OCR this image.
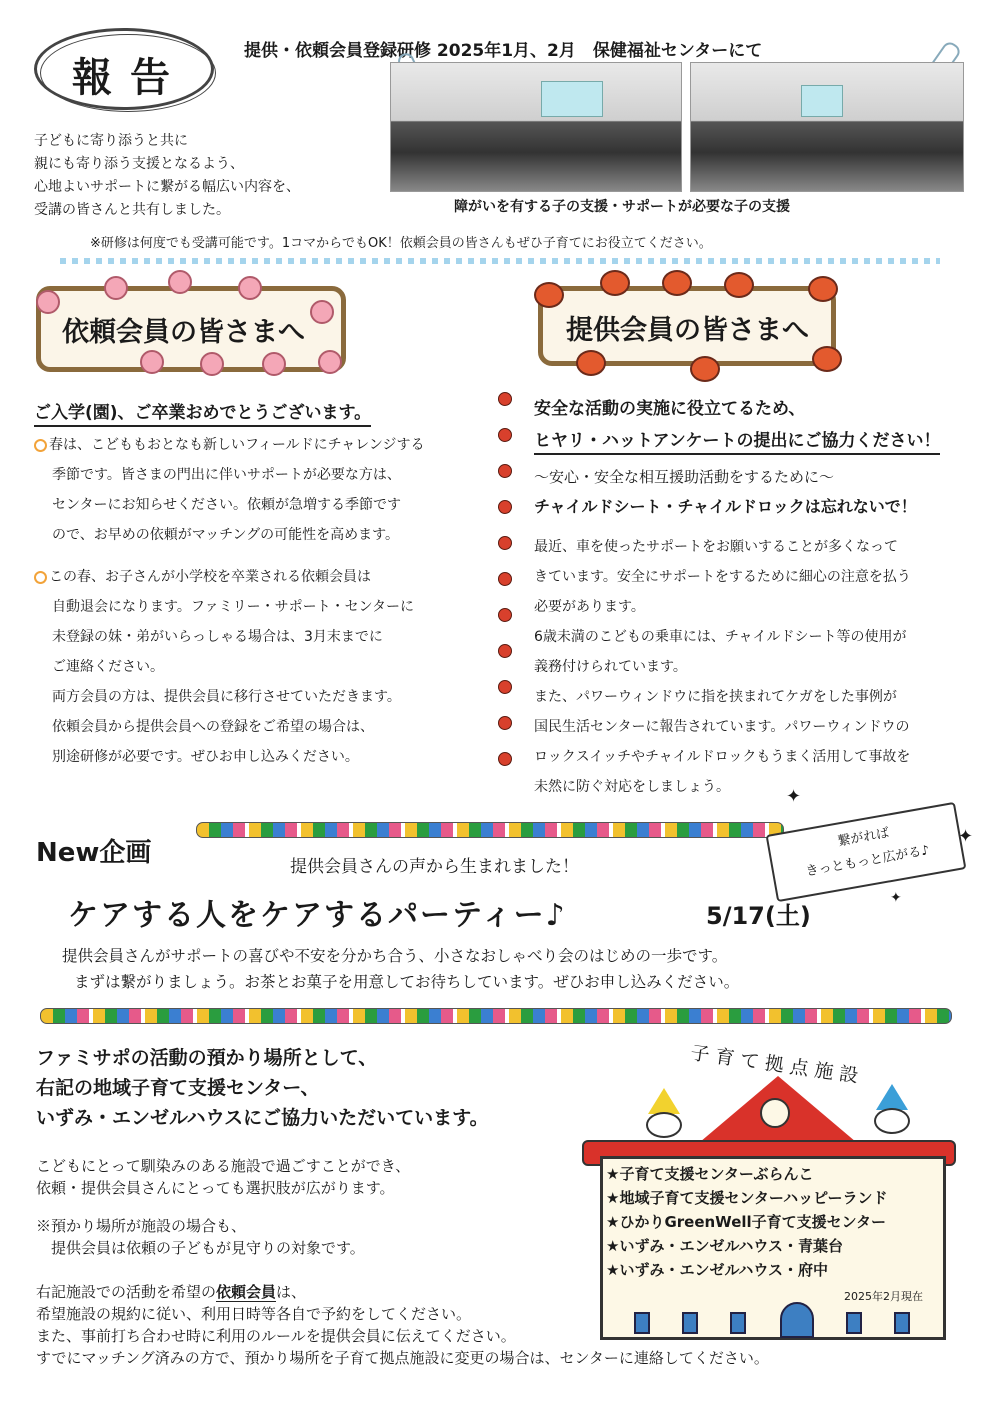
報告
提供・依頼会員登録研修 2025年1月、2月　保健福祉センターにて

子どもに寄り添うと共に

親にも寄り添う支援となるよう、

心地よいサポートに繋がる幅広い内容を、

受講の皆さんと共有しました。	障がいを有する子の支援・サポートが必要な子の支援
※研修は何度でも受講可能です。1コマからでもOK！依頼会員の皆さんもぜひ子育てにお役立てください。
依頼会員の皆さまへ
ご入学(園)、ご卒業おめでとうございます。

春は、こどももおとなも新しいフィールドにチャレンジする

季節です。皆さまの門出に伴いサポートが必要な方は、

センターにお知らせください。依頼が急増する季節です

ので、お早めの依頼がマッチングの可能性を高めます。

この春、お子さんが小学校を卒業される依頼会員は

自動退会になります。ファミリー・サポート・センターに

未登録の妹・弟がいらっしゃる場合は、3月末までに

ご連絡ください。

両方会員の方は、提供会員に移行させていただきます。

依頼会員から提供会員への登録をご希望の場合は、

別途研修が必要です。ぜひお申し込みください。

提供会員の皆さまへ
安全な活動の実施に役立てるため、
ヒヤリ・ハットアンケートの提出にご協力ください！
～安心・安全な相互援助活動をするために～
チャイルドシート・チャイルドロックは忘れないで！

最近、車を使ったサポートをお願いすることが多くなって

きています。安全にサポートをするために細心の注意を払う

必要があります。

6歳未満のこどもの乗車には、チャイルドシート等の使用が

義務付けられています。

また、パワーウィンドウに指を挟まれてケガをした事例が

国民生活センターに報告されています。パワーウィンドウの

ロックスイッチやチャイルドロックもうまく活用して事故を

未然に防ぐ対応をしましょう。

New企画	提供会員さんの声から生まれました！
繋がれば
きっともっと広がる♪
✦
✦
✦
ケアする人をケアするパーティー♪	5/17(土)
提供会員さんがサポートの喜びや不安を分かち合う、小さなおしゃべり会のはじめの一歩です。
まずは繋がりましょう。お茶とお菓子を用意してお待ちしています。ぜひお申し込みください。
ファミサポの活動の預かり場所として、
右記の地域子育て支援センター、
いずみ・エンゼルハウスにご協力いただいています。

こどもにとって馴染みのある施設で過ごすことができ、

依頼・提供会員さんにとっても選択肢が広がります。

※預かり場所が施設の場合も、

　提供会員は依頼の子どもが見守りの対象です。

右記施設での活動を希望の依頼会員は、

希望施設の規約に従い、利用日時等各自で予約をしてください。

また、事前打ち合わせ時に利用のルールを提供会員に伝えてください。

すでにマッチング済みの方で、預かり場所を子育て拠点施設に変更の場合は、センターに連絡してください。

子育て拠点施設

★子育て支援センターぶらんこ

★地域子育て支援センターハッピーランド

★ひかりGreenWell子育て支援センター

★いずみ・エンゼルハウス・青葉台

★いずみ・エンゼルハウス・府中

2025年2月現在
